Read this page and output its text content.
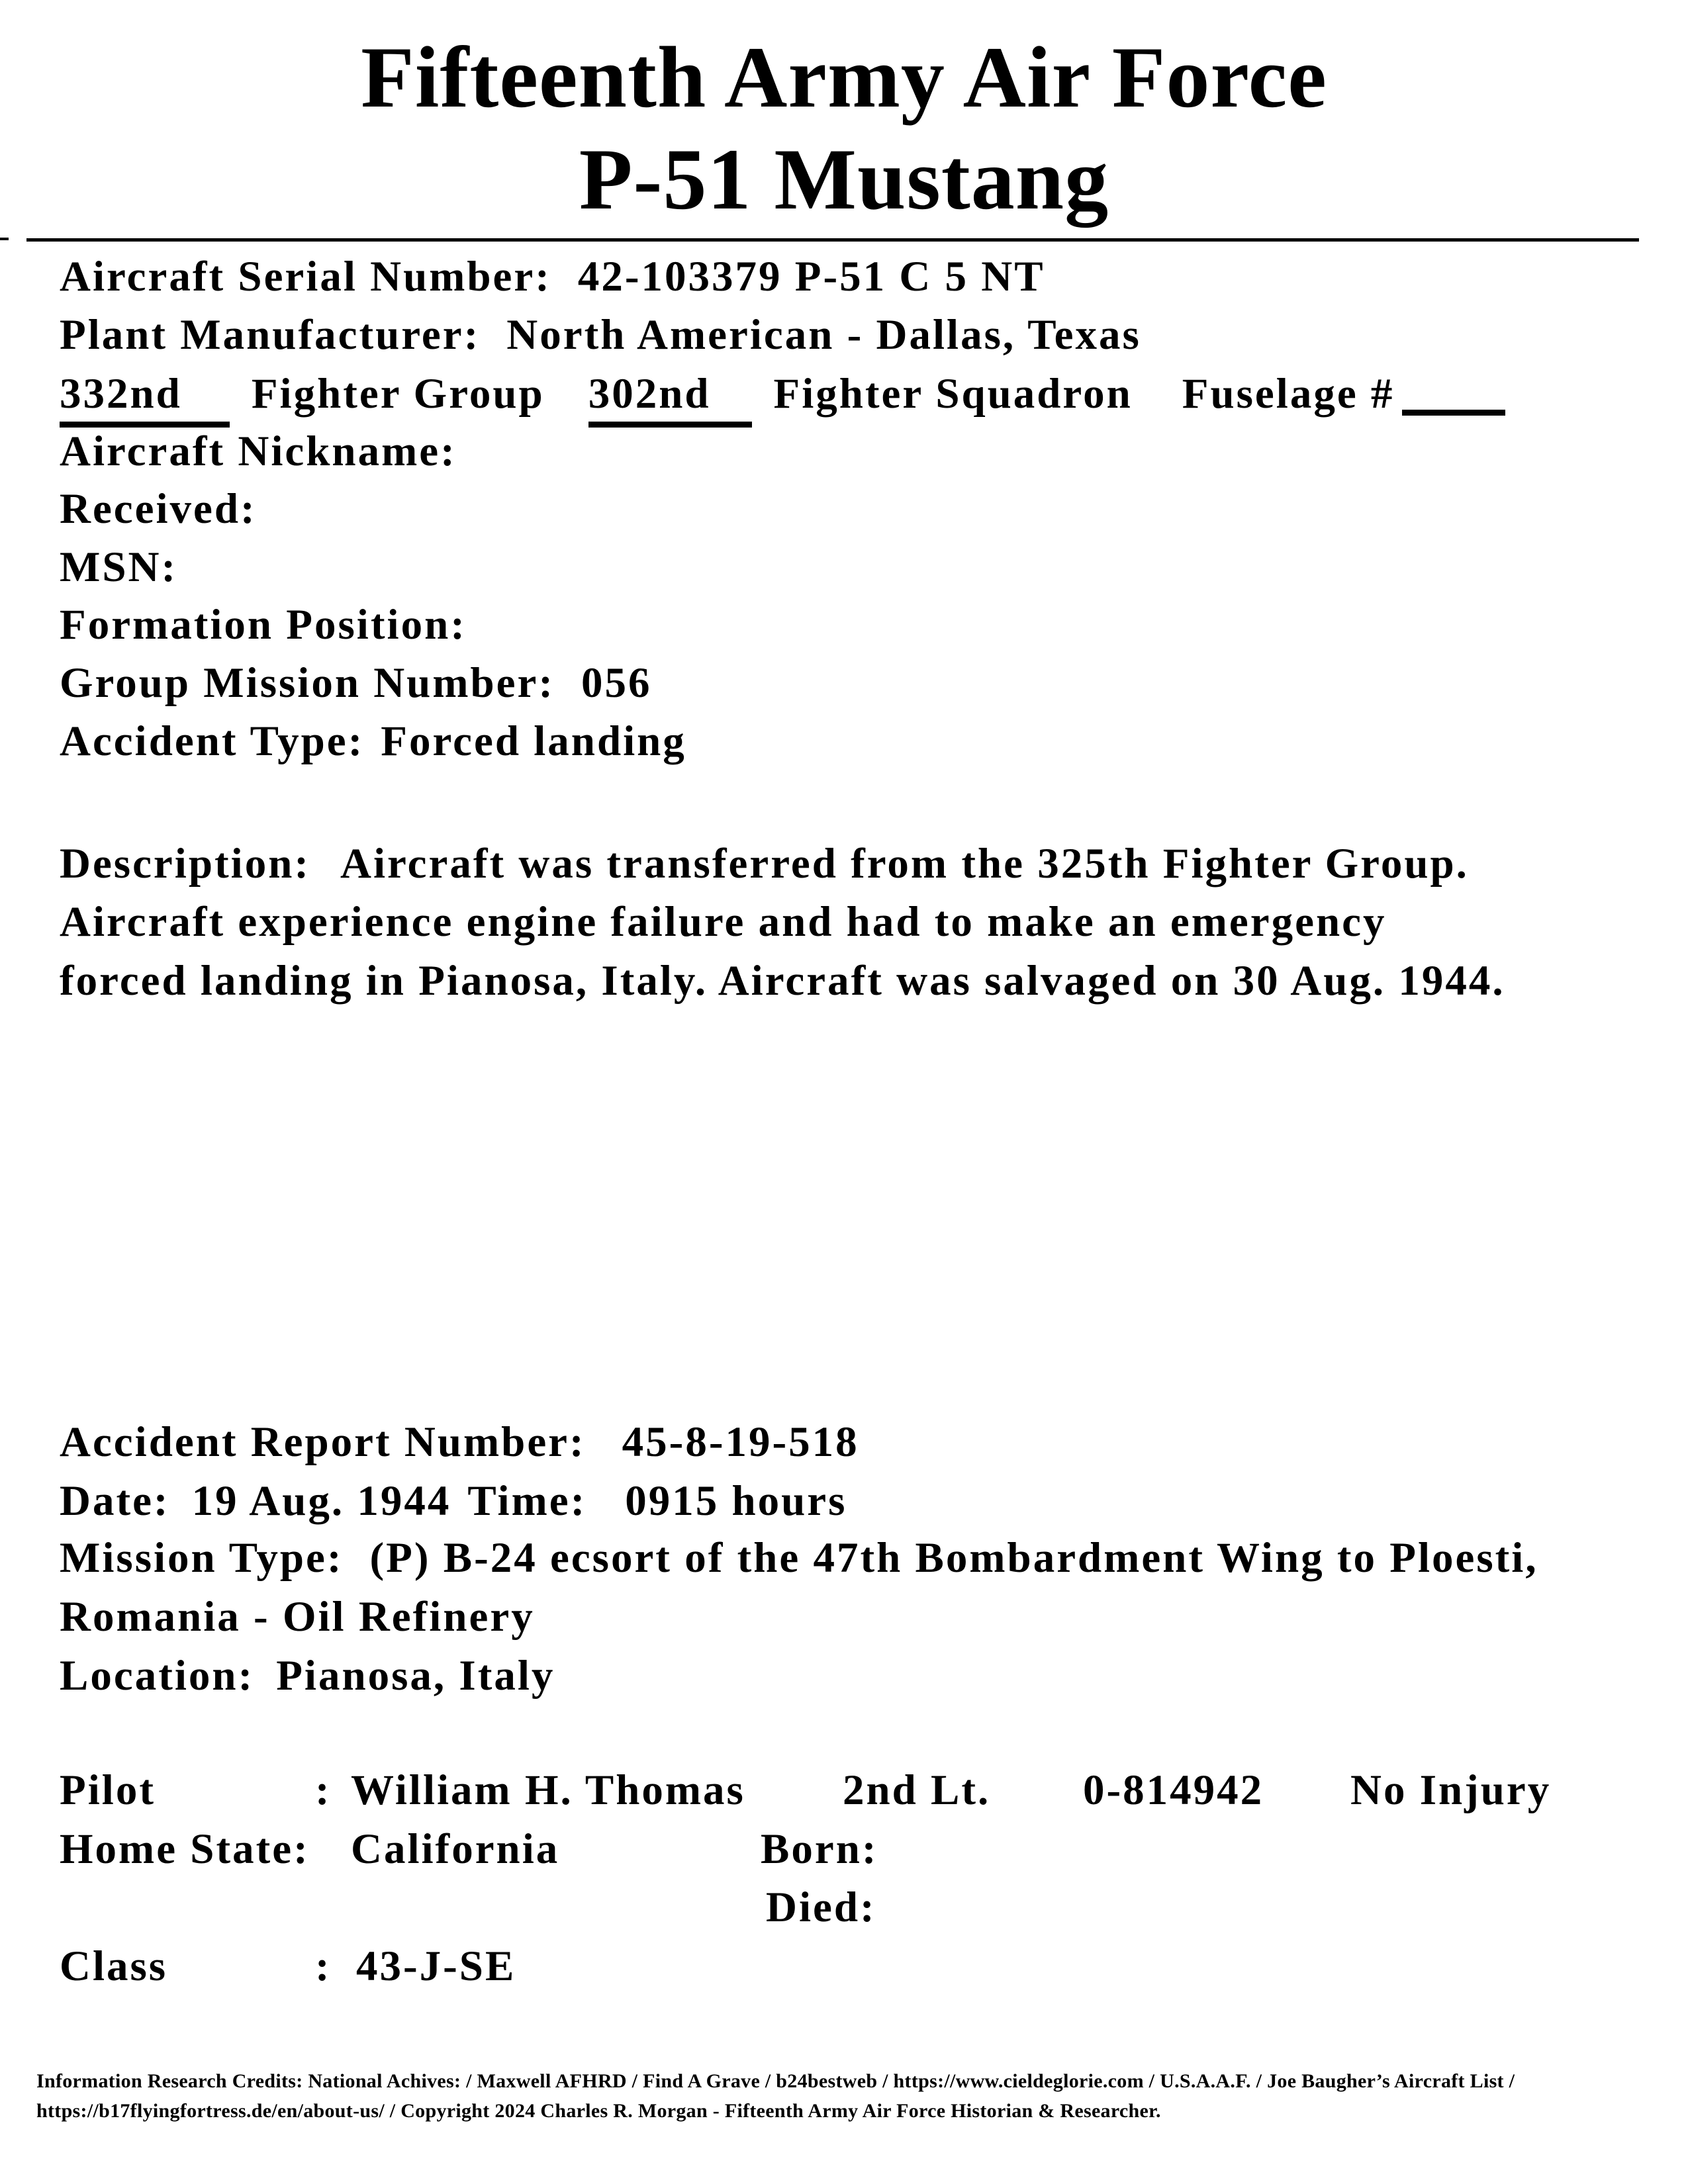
Fifteenth Army Air Force
P-51 Mustang
Aircraft Serial Number: 42-103379 P-51 C 5 NT
Plant Manufacturer: North American - Dallas, Texas
332nd Fighter Group 302nd Fighter Squadron Fuselage #
Aircraft Nickname:
Received:
MSN:
Formation Position:
Group Mission Number: 056
Accident Type: Forced landing
Description: Aircraft was transferred from the 325th Fighter Group.
Aircraft experience engine failure and had to make an emergency
forced landing in Pianosa, Italy. Aircraft was salvaged on 30 Aug. 1944.
Accident Report Number: 45-8-19-518
Date: 19 Aug. 1944 Time: 0915 hours
Mission Type: (P) B-24 ecsort of the 47th Bombardment Wing to Ploesti,
Romania - Oil Refinery
Location: Pianosa, Italy
Pilot	: William H. Thomas 2nd Lt. 0-814942 No Injury
Home State: California	Born:
Died:
Class	: 43-J-SE
Information Research Credits: National Achives: / Maxwell AFHRD / Find A Grave / b24bestweb / https://www.cieldeglorie.com / U.S.A.A.F. / Joe Baugher’s Aircraft List /
https://b17flyingfortress.de/en/about-us/ / Copyright 2024 Charles R. Morgan - Fifteenth Army Air Force Historian & Researcher.
